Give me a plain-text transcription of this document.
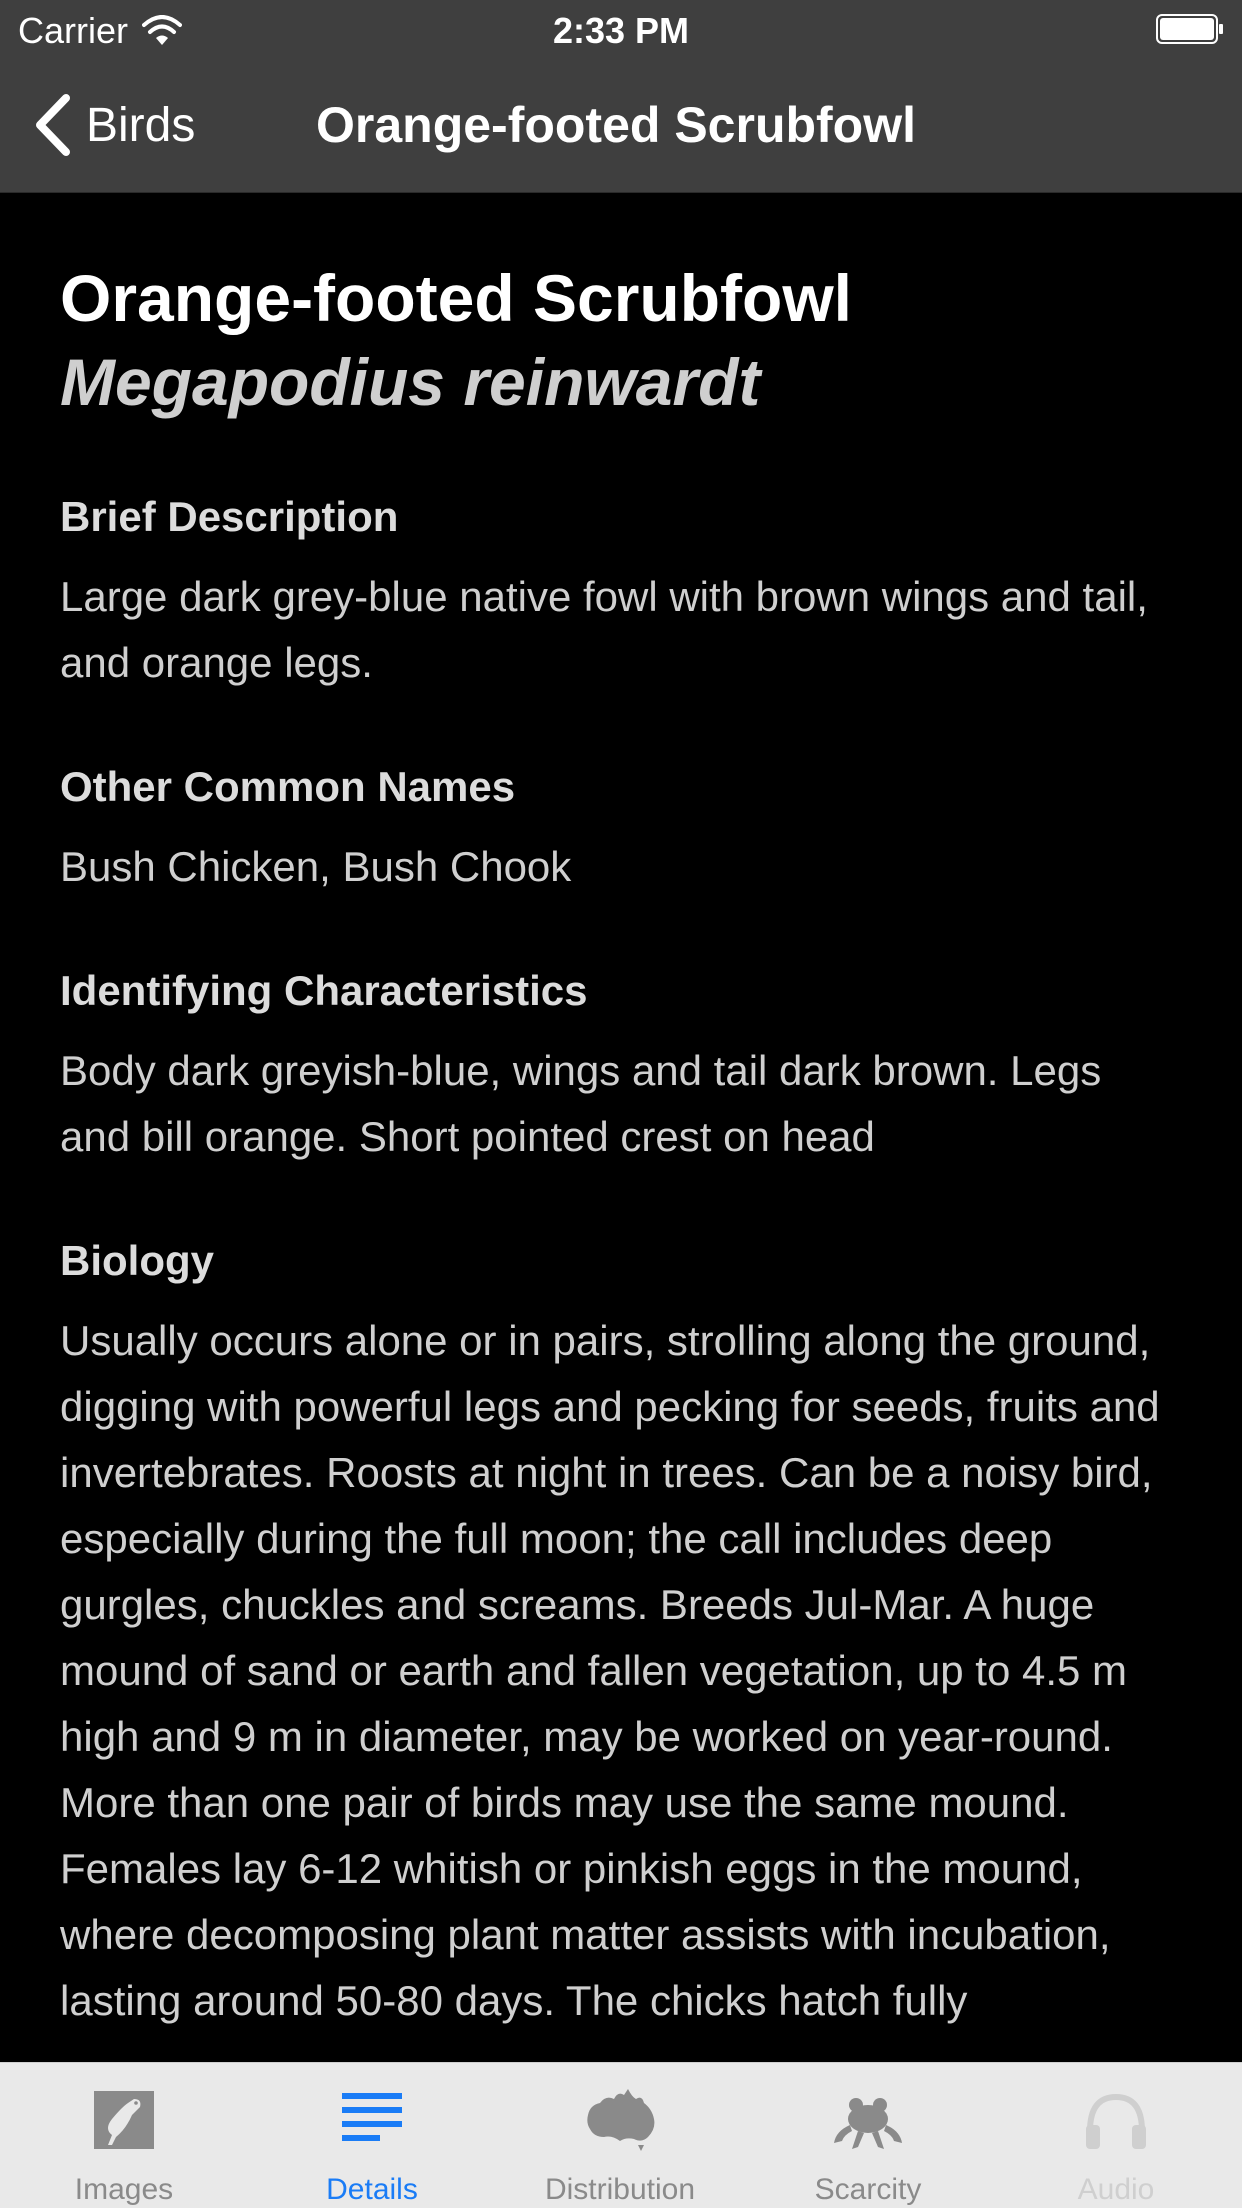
Carrier	2:33 PM
Birds Orange-footed Scrubfowl
Orange-footed Scrubfowl
Megapodius reinwardt
Brief Description

Large dark grey-blue native fowl with brown wings and tail, and orange legs.

Other Common Names

Bush Chicken, Bush Chook

Identifying Characteristics

Body dark greyish-blue, wings and tail dark brown. Legs and bill orange. Short pointed crest on head

Biology

Usually occurs alone or in pairs, strolling along the ground, digging with powerful legs and pecking for seeds, fruits and invertebrates. Roosts at night in trees. Can be a noisy bird, especially during the full moon; the call includes deep gurgles, chuckles and screams. Breeds Jul-Mar. A huge mound of sand or earth and fallen vegetation, up to 4.5 m high and 9 m in diameter, may be worked on year-round. More than one pair of birds may use the same mound. Females lay 6-12 whitish or pinkish eggs in the mound, where decomposing plant matter assists with incubation, lasting around 50-80 days. The chicks hatch fully

Images	Details	Distribution	Scarcity	Audio
